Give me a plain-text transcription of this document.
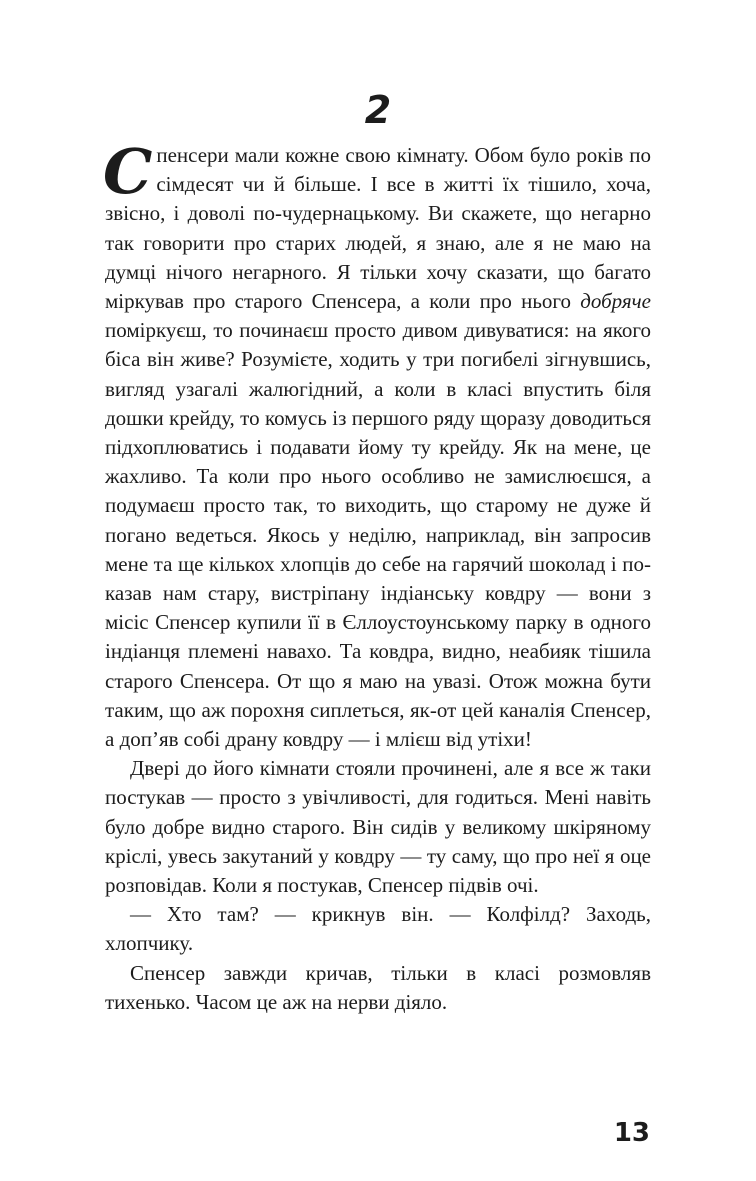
2

Спенсери мали кожне свою кімнату. Обом було років по сімдесят чи й більше. І все в житті їх тішило, хоча, звісно, і доволі по-чудернацькому. Ви скажете, що негарно так говорити про старих людей, я знаю, але я не маю на думці нічого негарного. Я тільки хочу сказати, що багато міркував про старого Спенсера, а коли про нього добряче поміркуєш, то починаєш просто дивом дивуватися: на якого біса він живе? Розумієте, ходить у три погибелі зігнувшись, вигляд узагалі жалюгідний, а коли в класі впустить біля дошки крейду, то комусь із першого ряду щоразу доводиться підхоплюватись і подавати йому ту крейду. Як на мене, це жахливо. Та коли про нього особливо не замислюєшся, а подумаєш просто так, то виходить, що старому не дуже й погано ведеться. Якось у неділю, наприклад, він запросив мене та ще кількох хлопців до себе на гарячий шоколад і показав нам стару, вистріпану індіанську ковдру — вони з місіс Спенсер купили її в Єллоустоунському парку в одного індіанця племені навахо. Та ковдра, видно, неабияк тішила старого Спенсера. От що я маю на увазі. Отож можна бути таким, що аж порохня сиплеться, як-от цей каналія Спенсер, а доп’яв собі драну ковдру — і млієш від утіхи!

Двері до його кімнати стояли прочинені, але я все ж таки постукав — просто з увічливості, для годиться. Мені навіть було добре видно старого. Він сидів у великому шкіряному кріслі, увесь закутаний у ковдру — ту саму, що про неї я оце розповідав. Коли я постукав, Спенсер підвів очі.

— Хто там? — крикнув він. — Колфілд? Заходь, хлопчику.

Спенсер завжди кричав, тільки в класі розмовляв тихенько. Часом це аж на нерви діяло.

13
